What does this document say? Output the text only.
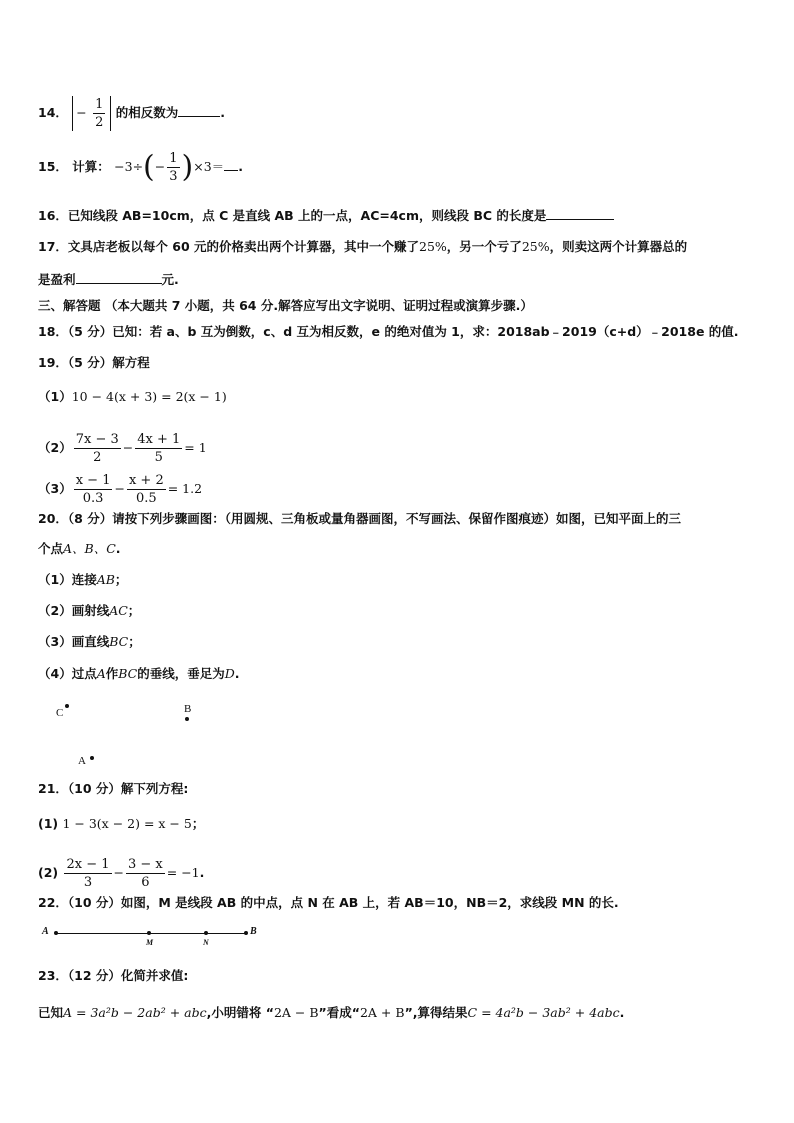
14． − $\frac{1}{2}$ 的相反数为	.
15． 计算： $-3\div(- \frac{1}{3} )\times 3=$ .
16．已知线段 AB=10cm，点 C 是直线 AB 上的一点，AC=4cm，则线段 BC 的长度是
17．文具店老板以每个 60 元的价格卖出两个计算器，其中一个赚了25%，另一个亏了25%，则卖这两个计算器总的
是盈利	元.
三、解答题 （本大题共 7 小题，共 64 分.解答应写出文字说明、证明过程或演算步骤.）
18．（5 分）已知：若 a、b 互为倒数，c、d 互为相反数，e 的绝对值为 1，求：2018ab﹣2019（c+d）﹣2018e 的值.
19．（5 分）解方程
（1）10 − 4(x + 3) = 2(x − 1)
$(2) \frac{7x - 3}{2} - \frac{4x + 1}{5} = 1$
$(3) \frac{x - 1}{0.3} - \frac{x + 2}{0.5} = 1.2$
20．（8 分）请按下列步骤画图：（用圆规、三角板或量角器画图，不写画法、保留作图痕迹）如图，已知平面上的三
个点A、B、C.
（1）连接AB；
（2）画射线AC；
（3）画直线BC；
（4）过点A作BC的垂线，垂足为D.
C	B
A
21．（10 分）解下列方程:
(1) 1 − 3(x − 2) = x − 5；
$(2) \frac{2x - 1}{3} - \frac{3 - x}{6} = -1$.
22．（10 分）如图，M 是线段 AB 的中点，点 N 在 AB 上，若 AB＝10，NB＝2，求线段 MN 的长.
A
M	N
B
23．（12 分）化简并求值:
已知A = 3a²b − 2ab² + abc,小明错将 “2A − B”看成“2A + B”,算得结果C = 4a²b − 3ab² + 4abc.
